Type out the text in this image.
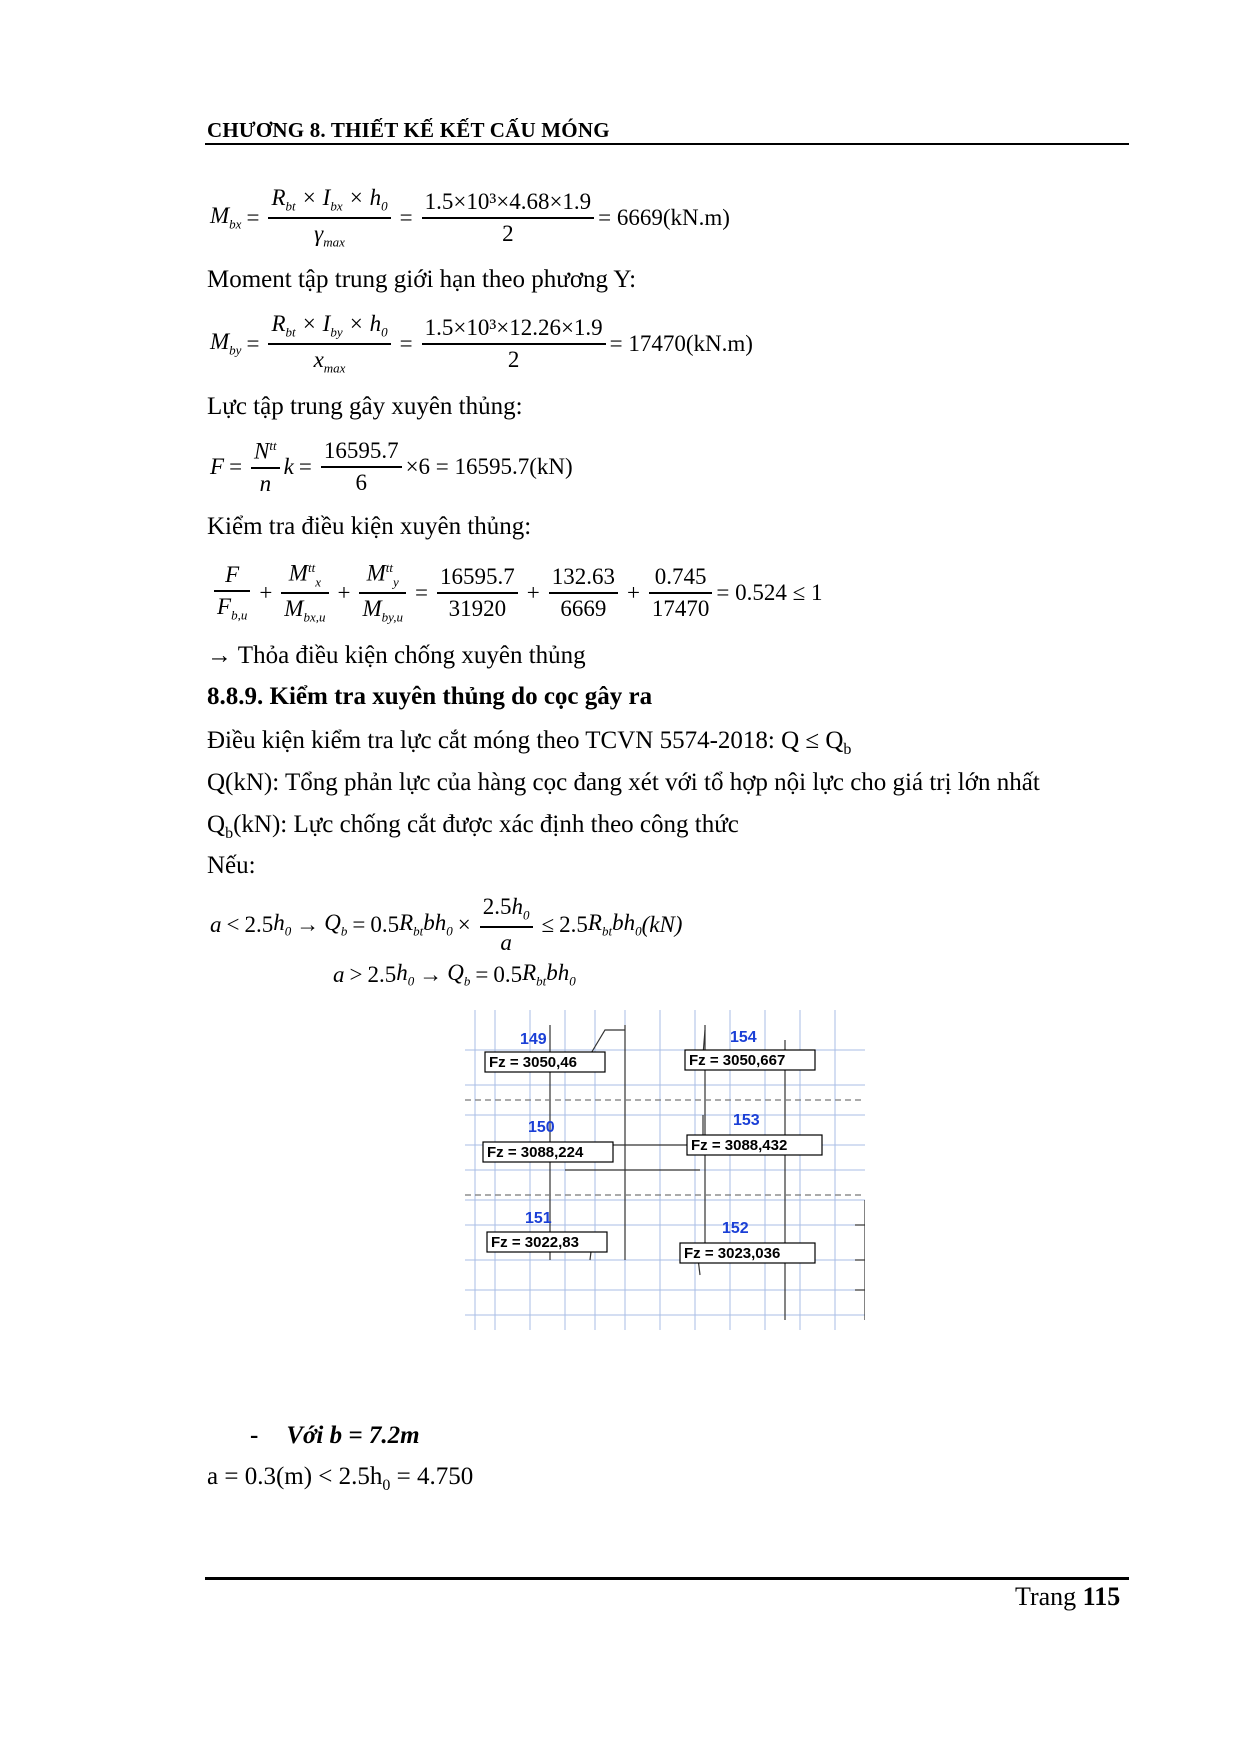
CHƯƠNG 8. THIẾT KẾ KẾT CẤU MÓNG
$M_{bx} = \frac{R_{bt} \times I_{bx} \times h_0}{\gamma_{max}} = \frac{\text{1.5×10³×4.68×1.9}}{2} = 6669(kN.m)$
Moment tập trung giới hạn theo phương Y:
$M_{by} = \frac{R_{bt} \times I_{by} \times h_0}{x_{max}} = \frac{\text{1.5×10³×12.26×1.9}}{2} = 17470(kN.m)$
Lực tập trung gây xuyên thủng:
$F = \frac{N^{tt}}{n}$ $k = \frac{16595.7}{6} \times 6 = 16595.7(kN)$
Kiểm tra điều kiện xuyên thủng:
$\frac{F}{F_{b,u}} + \frac{M^{tt}_x}{M_{bx,u}} + \frac{M^{tt}_y}{M_{by,u}} = \frac{16595.7}{31920} + \frac{132.63}{6669} + \frac{0.745}{17470} = 0.524 \le 1$
→ Thỏa điều kiện chống xuyên thủng
8.8.9. Kiểm tra xuyên thủng do cọc gây ra
Điều kiện kiểm tra lực cắt móng theo TCVN 5574-2018: $Q \le Q_b$
Q(kN): Tổng phản lực của hàng cọc đang xét với tổ hợp nội lực cho giá trị lớn nhất
$Q_b(kN)$: Lực chống cắt được xác định theo công thức
Nếu:
a < 2.5 $h_0 \to Q_b = 0.5$ $R_{bt}bh_0 \times \frac{2.5h_0}{a} \le 2.5$ $R_{bt}bh_0$ (kN)
a > 2.5 $h_0 \to Q_b = 0.5$ $R_{bt}bh_0$
149
Fz = 3050,46
154
Fz = 3050,667
150
Fz = 3088,224
153
Fz = 3088,432
151
Fz = 3022,83
152
Fz = 3023,036
- Với b = 7.2m
$a = 0.3(m) < 2.5h_0 = 4.750$
Trang 115
